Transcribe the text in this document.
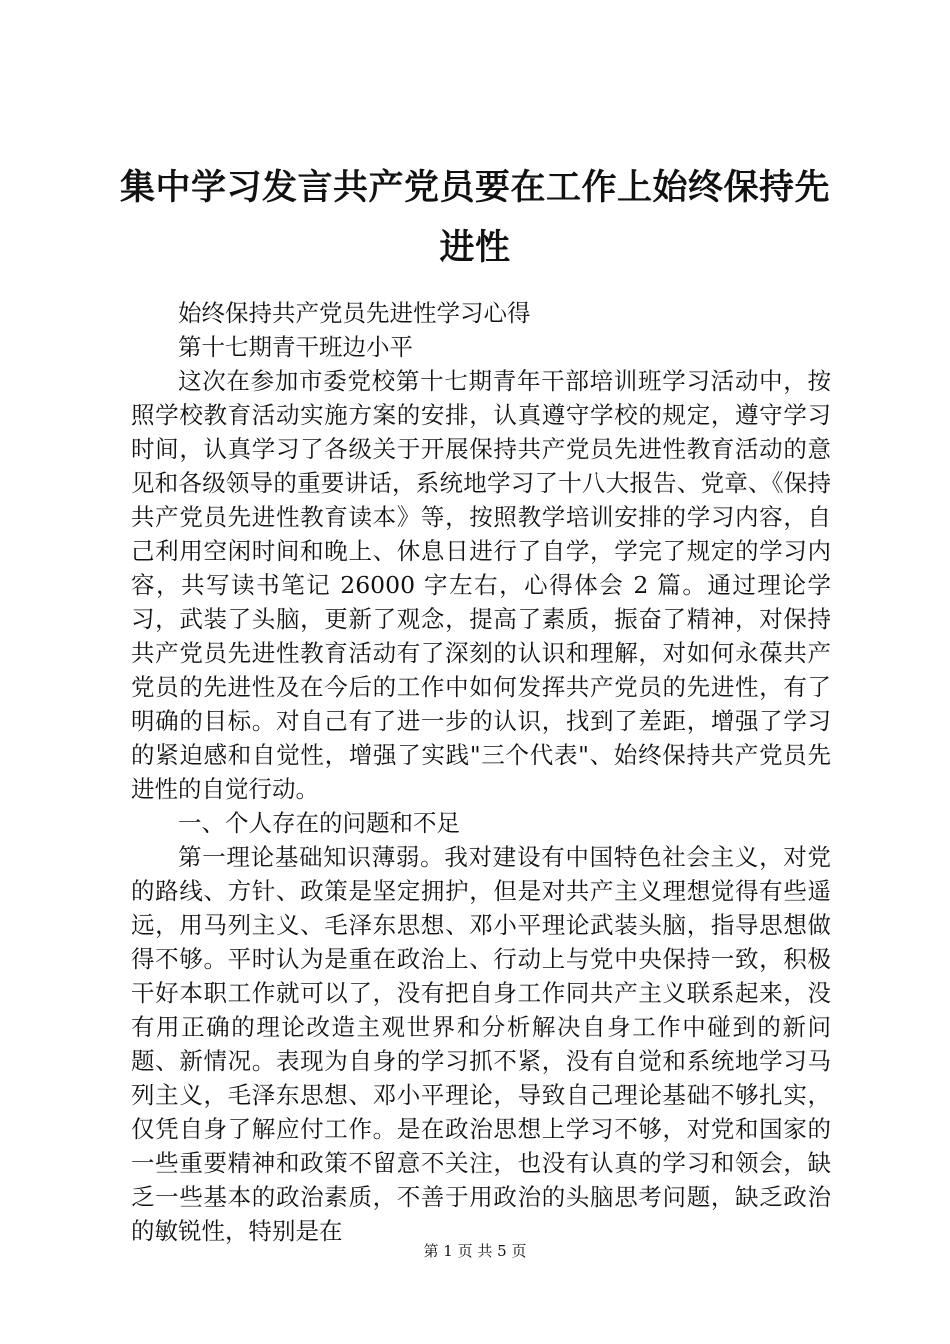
集中学习发言共产党员要在工作上始终保持先进性

始终保持共产党员先进性学习心得

第十七期青干班边小平

这次在参加市委党校第十七期青年干部培训班学习活动中，按照学校教育活动实施方案的安排，认真遵守学校的规定，遵守学习时间，认真学习了各级关于开展保持共产党员先进性教育活动的意见和各级领导的重要讲话，系统地学习了十八大报告、党章、《保持共产党员先进性教育读本》等，按照教学培训安排的学习内容，自己利用空闲时间和晚上、休息日进行了自学，学完了规定的学习内容，共写读书笔记 26000 字左右，心得体会 2 篇。通过理论学习，武装了头脑，更新了观念，提高了素质，振奋了精神，对保持共产党员先进性教育活动有了深刻的认识和理解，对如何永葆共产党员的先进性及在今后的工作中如何发挥共产党员的先进性，有了明确的目标。对自己有了进一步的认识，找到了差距，增强了学习的紧迫感和自觉性，增强了实践"三个代表"、始终保持共产党员先进性的自觉行动。

一、个人存在的问题和不足

第一理论基础知识薄弱。我对建设有中国特色社会主义，对党的路线、方针、政策是坚定拥护，但是对共产主义理想觉得有些遥远，用马列主义、毛泽东思想、邓小平理论武装头脑，指导思想做得不够。平时认为是重在政治上、行动上与党中央保持一致，积极干好本职工作就可以了，没有把自身工作同共产主义联系起来，没有用正确的理论改造主观世界和分析解决自身工作中碰到的新问题、新情况。表现为自身的学习抓不紧，没有自觉和系统地学习马列主义，毛泽东思想、邓小平理论，导致自己理论基础不够扎实，仅凭自身了解应付工作。是在政治思想上学习不够，对党和国家的一些重要精神和政策不留意不关注，也没有认真的学习和领会，缺乏一些基本的政治素质，不善于用政治的头脑思考问题，缺乏政治的敏锐性，特别是在

第 1 页 共 5 页
